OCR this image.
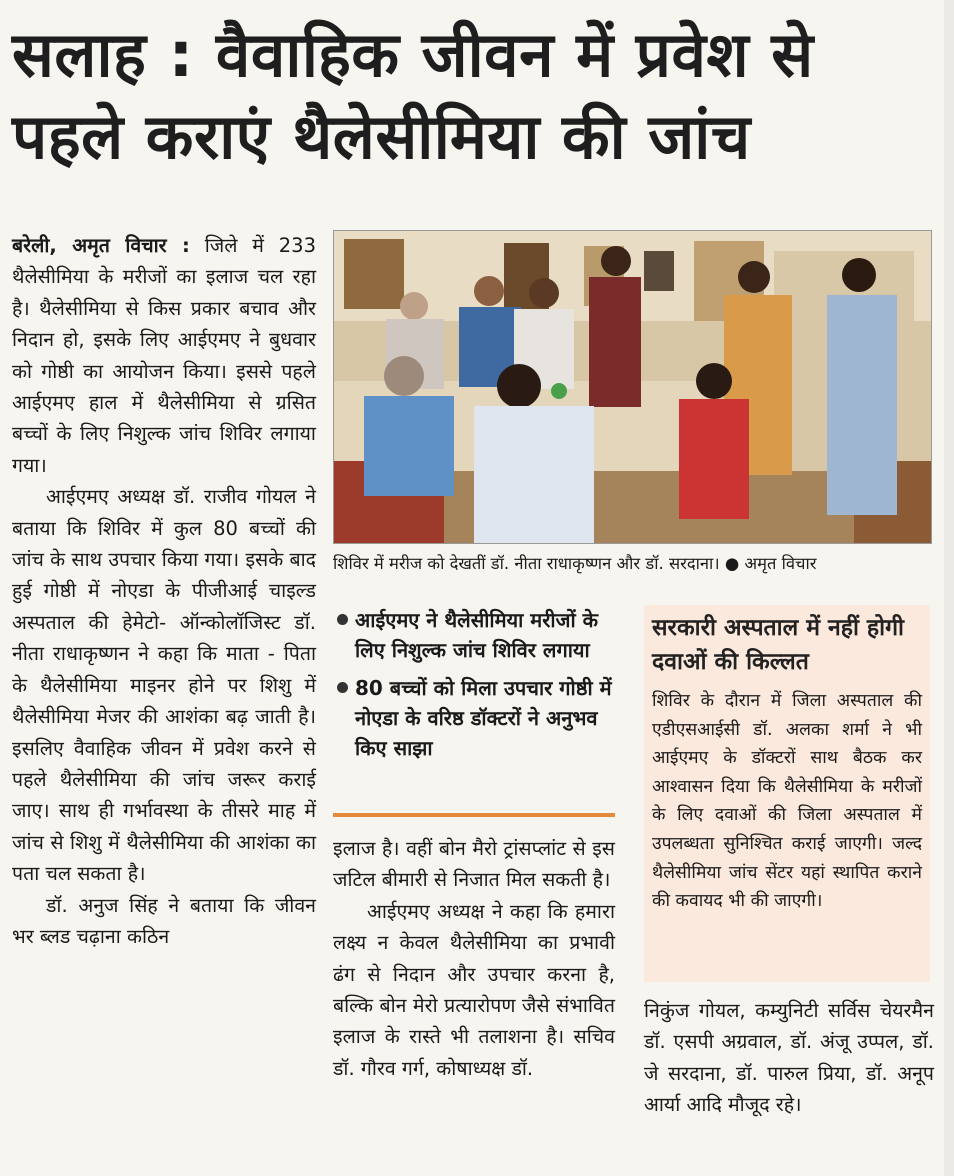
सलाह : वैवाहिक जीवन में प्रवेश से
पहले कराएं थैलेसीमिया की जांच

बरेली, अमृत विचार : जिले में 233 थैलेसीमिया के मरीजों का इलाज चल रहा है। थैलेसीमिया से किस प्रकार बचाव और निदान हो, इसके लिए आईएमए ने बुधवार को गोष्ठी का आयोजन किया। इससे पहले आईएमए हाल में थैलेसीमिया से ग्रसित बच्चों के लिए निशुल्क जांच शिविर लगाया गया।

आईएमए अध्यक्ष डॉ. राजीव गोयल ने बताया कि शिविर में कुल 80 बच्चों की जांच के साथ उपचार किया गया। इसके बाद हुई गोष्ठी में नोएडा के पीजीआई चाइल्ड अस्पताल की हेमेटो- ऑन्कोलॉजिस्ट डॉ. नीता राधाकृष्णन ने कहा कि माता - पिता के थैलेसीमिया माइनर होने पर शिशु में थैलेसीमिया मेजर की आशंका बढ़ जाती है। इसलिए वैवाहिक जीवन में प्रवेश करने से पहले थैलेसीमिया की जांच जरूर कराई जाए। साथ ही गर्भावस्था के तीसरे माह में जांच से शिशु में थैलेसीमिया की आशंका का पता चल सकता है।

डॉ. अनुज सिंह ने बताया कि जीवन भर ब्लड चढ़ाना कठिन

शिविर में मरीज को देखतीं डॉ. नीता राधाकृष्णन और डॉ. सरदाना। ● अमृत विचार
आईएमए ने थैलेसीमिया मरीजों के लिए निशुल्क जांच शिविर लगाया
80 बच्चों को मिला उपचार गोष्ठी में नोएडा के वरिष्ठ डॉक्टरों ने अनुभव किए साझा

इलाज है। वहीं बोन मैरो ट्रांसप्लांट से इस जटिल बीमारी से निजात मिल सकती है।

आईएमए अध्यक्ष ने कहा कि हमारा लक्ष्य न केवल थैलेसीमिया का प्रभावी ढंग से निदान और उपचार करना है, बल्कि बोन मेरो प्रत्यारोपण जैसे संभावित इलाज के रास्ते भी तलाशना है। सचिव डॉ. गौरव गर्ग, कोषाध्यक्ष डॉ.

सरकारी अस्पताल में नहीं होगी दवाओं की किल्लत
शिविर के दौरान में जिला अस्पताल की एडीएसआईसी डॉ. अलका शर्मा ने भी आईएमए के डॉक्टरों साथ बैठक कर आश्वासन दिया कि थैलेसीमिया के मरीजों के लिए दवाओं की जिला अस्पताल में उपलब्धता सुनिश्चित कराई जाएगी। जल्द थैलेसीमिया जांच सेंटर यहां स्थापित कराने की कवायद भी की जाएगी।

निकुंज गोयल, कम्युनिटी सर्विस चेयरमैन डॉ. एसपी अग्रवाल, डॉ. अंजू उप्पल, डॉ. जे सरदाना, डॉ. पारुल प्रिया, डॉ. अनूप आर्या आदि मौजूद रहे।
